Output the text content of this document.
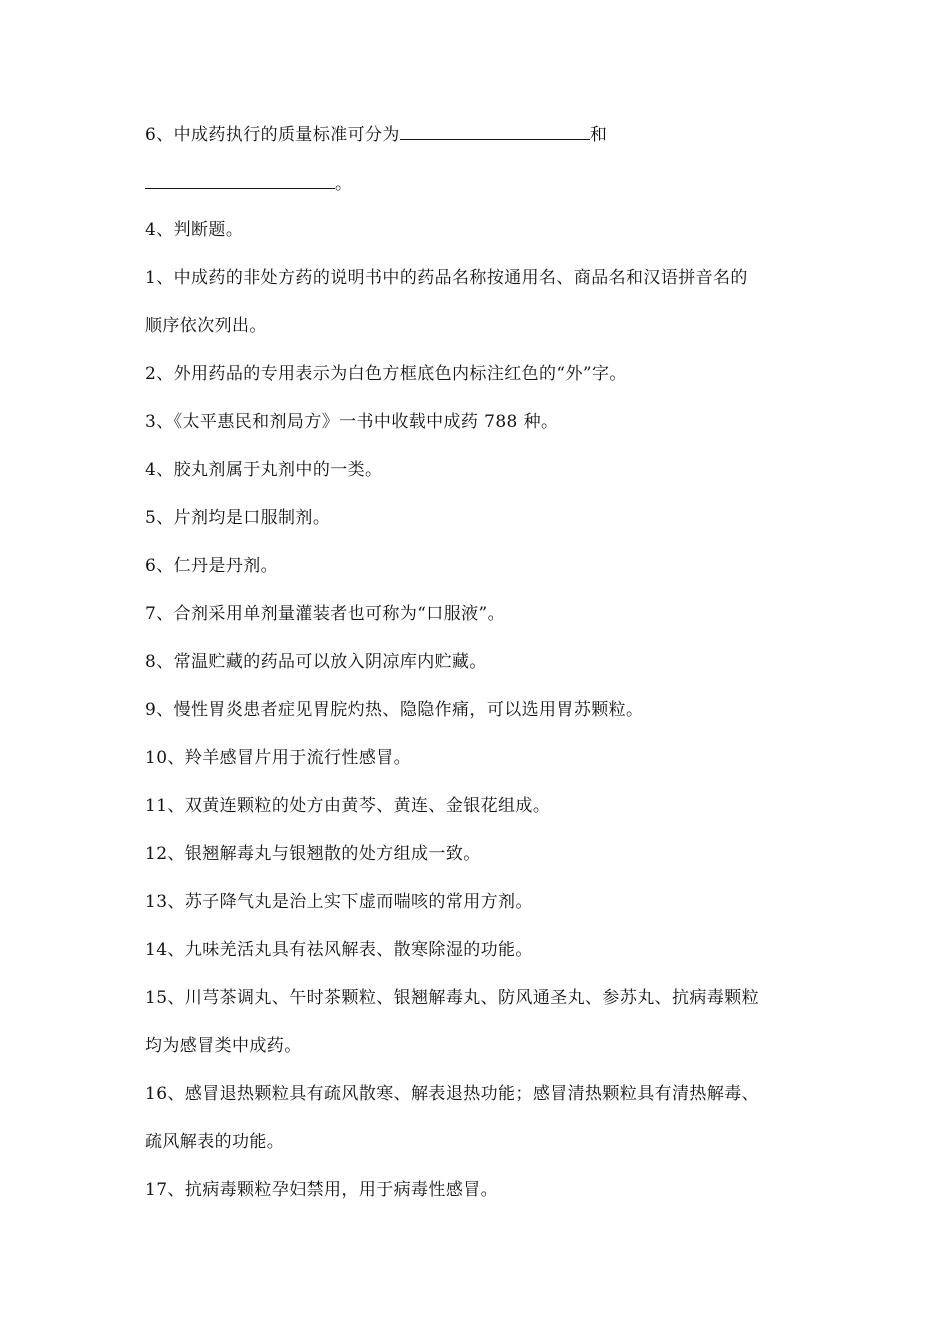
6、中成药执行的质量标准可分为	和
。
4、判断题。
1、中成药的非处方药的说明书中的药品名称按通用名、商品名和汉语拼音名的
顺序依次列出。
2、外用药品的专用表示为白色方框底色内标注红色的“外”字。
3、《太平惠民和剂局方》一书中收载中成药 788 种。
4、胶丸剂属于丸剂中的一类。
5、片剂均是口服制剂。
6、仁丹是丹剂。
7、合剂采用单剂量灌装者也可称为“口服液”。
8、常温贮藏的药品可以放入阴凉库内贮藏。
9、慢性胃炎患者症见胃脘灼热、隐隐作痛，可以选用胃苏颗粒。
10、羚羊感冒片用于流行性感冒。
11、双黄连颗粒的处方由黄芩、黄连、金银花组成。
12、银翘解毒丸与银翘散的处方组成一致。
13、苏子降气丸是治上实下虚而喘咳的常用方剂。
14、九味羌活丸具有祛风解表、散寒除湿的功能。
15、川芎茶调丸、午时茶颗粒、银翘解毒丸、防风通圣丸、参苏丸、抗病毒颗粒
均为感冒类中成药。
16、感冒退热颗粒具有疏风散寒、解表退热功能；感冒清热颗粒具有清热解毒、
疏风解表的功能。
17、抗病毒颗粒孕妇禁用，用于病毒性感冒。
